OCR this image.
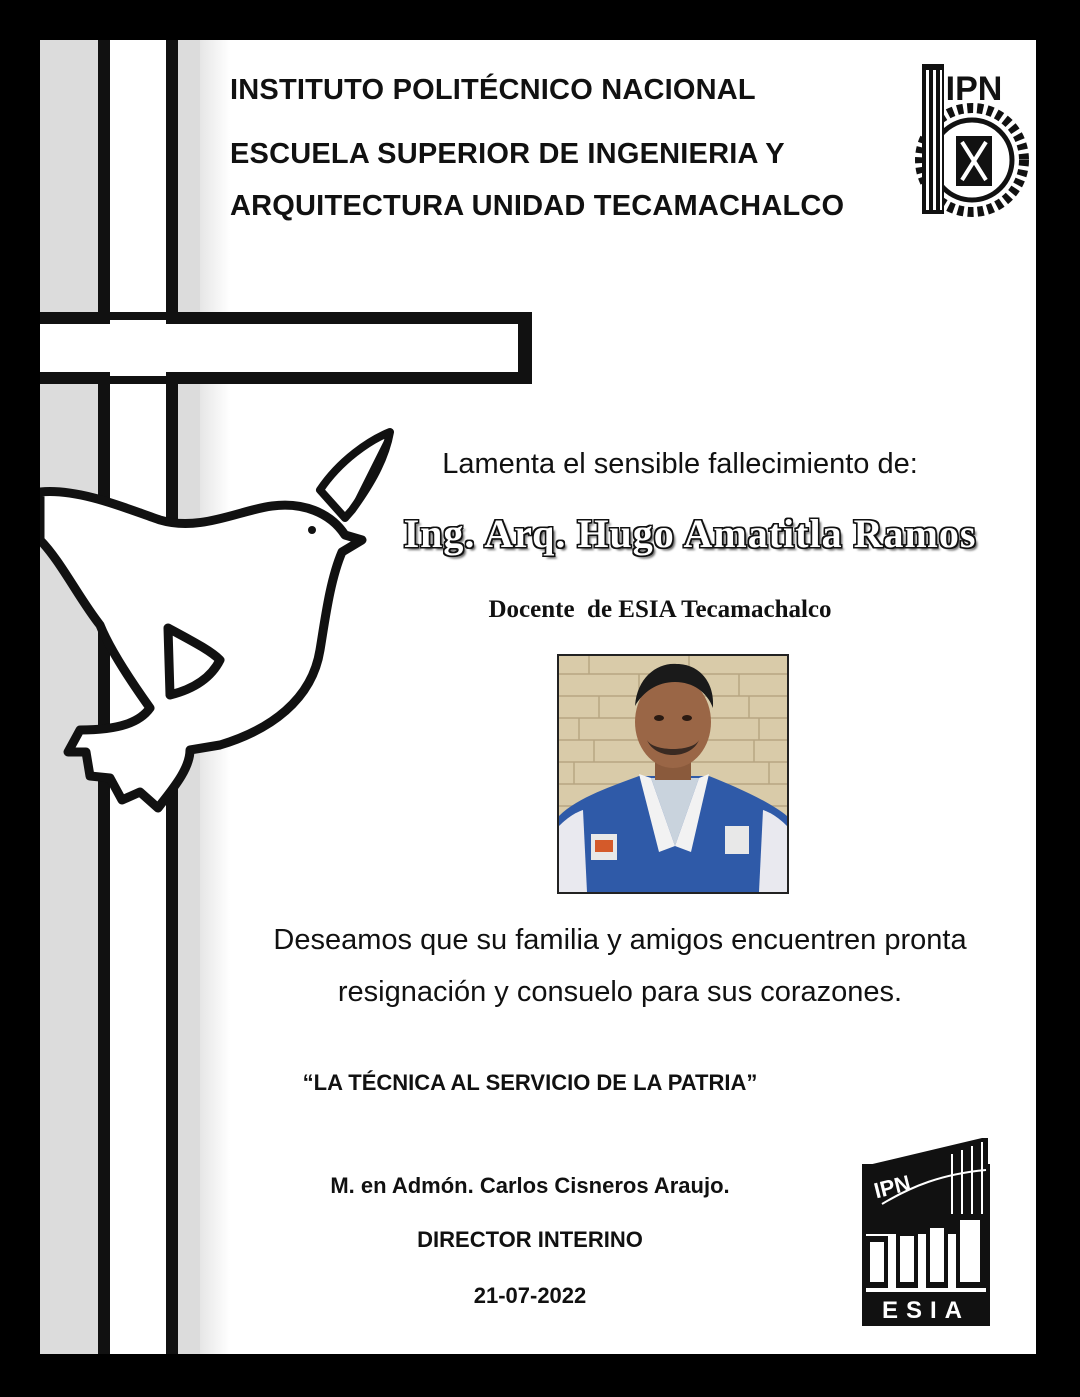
INSTITUTO POLITÉCNICO NACIONAL
ESCUELA SUPERIOR DE INGENIERIA Y
ARQUITECTURA UNIDAD TECAMACHALCO
IPN
Lamenta el sensible fallecimiento de:
Ing. Arq. Hugo Amatitla Ramos
Docente  de ESIA Tecamachalco
Deseamos que su familia y amigos encuentren pronta
resignación y consuelo para sus corazones.
“LA TÉCNICA AL SERVICIO DE LA PATRIA”
M. en Admón. Carlos Cisneros Araujo.
DIRECTOR INTERINO
21-07-2022
IPN
ESIA
